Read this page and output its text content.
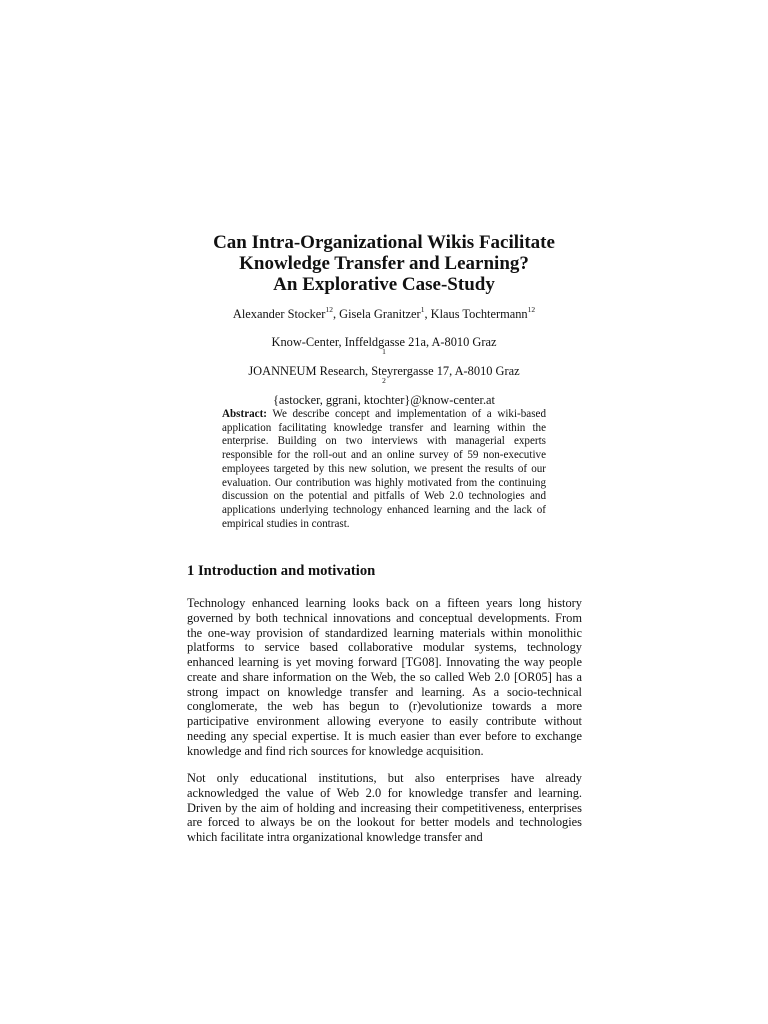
Can Intra-Organizational Wikis Facilitate
Knowledge Transfer and Learning?
An Explorative Case-Study
Alexander Stocker$^{12}$, Gisela Granitzer$^1$, Klaus Tochtermann$^{12}$
Know-Center, Inffeldgasse 21a, A-8010 Graz
$^1$
JOANNEUM Research, Steyrergasse 17, A-8010 Graz
$^2$
{astocker, ggrani, ktochter}@know-center.at
Abstract: We describe concept and implementation of a wiki-based application facilitating knowledge transfer and learning within the enterprise. Building on two interviews with managerial experts responsible for the roll-out and an online survey of 59 non-executive employees targeted by this new solution, we present the results of our evaluation. Our contribution was highly motivated from the continuing discussion on the potential and pitfalls of Web 2.0 technologies and applications underlying technology enhanced learning and the lack of empirical studies in contrast.
1 Introduction and motivation
Technology enhanced learning looks back on a fifteen years long history governed by both technical innovations and conceptual developments. From the one-way provision of standardized learning materials within monolithic platforms to service based collaborative modular systems, technology enhanced learning is yet moving forward [TG08]. Innovating the way people create and share information on the Web, the so called Web 2.0 [OR05] has a strong impact on knowledge transfer and learning. As a socio-technical conglomerate, the web has begun to (r)evolutionize towards a more participative environment allowing everyone to easily contribute without needing any special expertise. It is much easier than ever before to exchange knowledge and find rich sources for knowledge acquisition.
Not only educational institutions, but also enterprises have already acknowledged the value of Web 2.0 for knowledge transfer and learning. Driven by the aim of holding and increasing their competitiveness, enterprises are forced to always be on the lookout for better models and technologies which facilitate intra organizational knowledge transfer and
